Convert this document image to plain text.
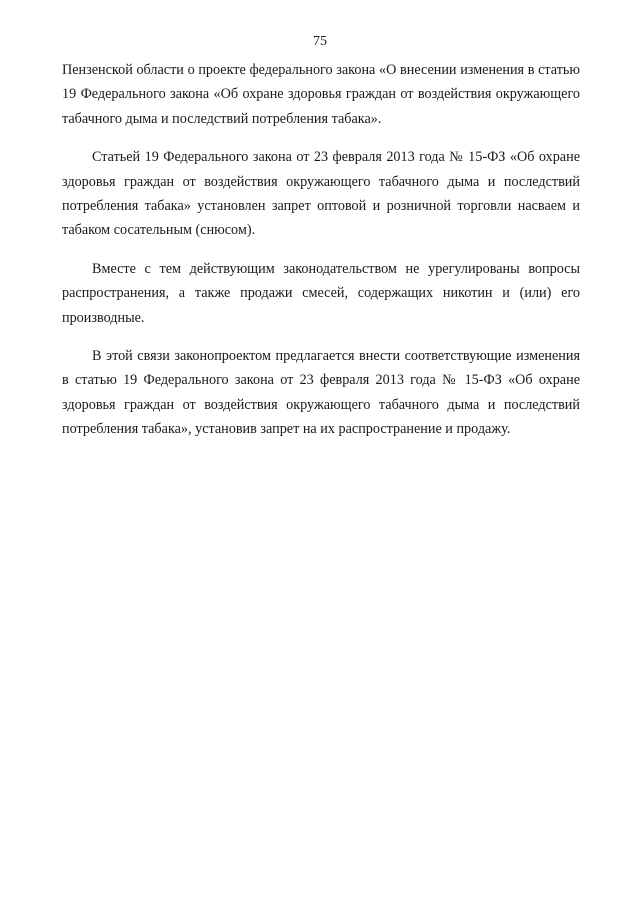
75

Пензенской области о проекте федерального закона «О внесении изменения в статью 19 Федерального закона «Об охране здоровья граждан от воздействия окружающего табачного дыма и последствий потребления табака».

Статьей 19 Федерального закона от 23 февраля 2013 года № 15-ФЗ «Об охране здоровья граждан от воздействия окружающего табачного дыма и последствий потребления табака» установлен запрет оптовой и розничной торговли насваем и табаком сосательным (снюсом).

Вместе с тем действующим законодательством не урегулированы вопросы распространения, а также продажи смесей, содержащих никотин и (или) его производные.

В этой связи законопроектом предлагается внести соответствующие изменения в статью 19 Федерального закона от 23 февраля 2013 года № 15-ФЗ «Об охране здоровья граждан от воздействия окружающего табачного дыма и последствий потребления табака», установив запрет на их распространение и продажу.
